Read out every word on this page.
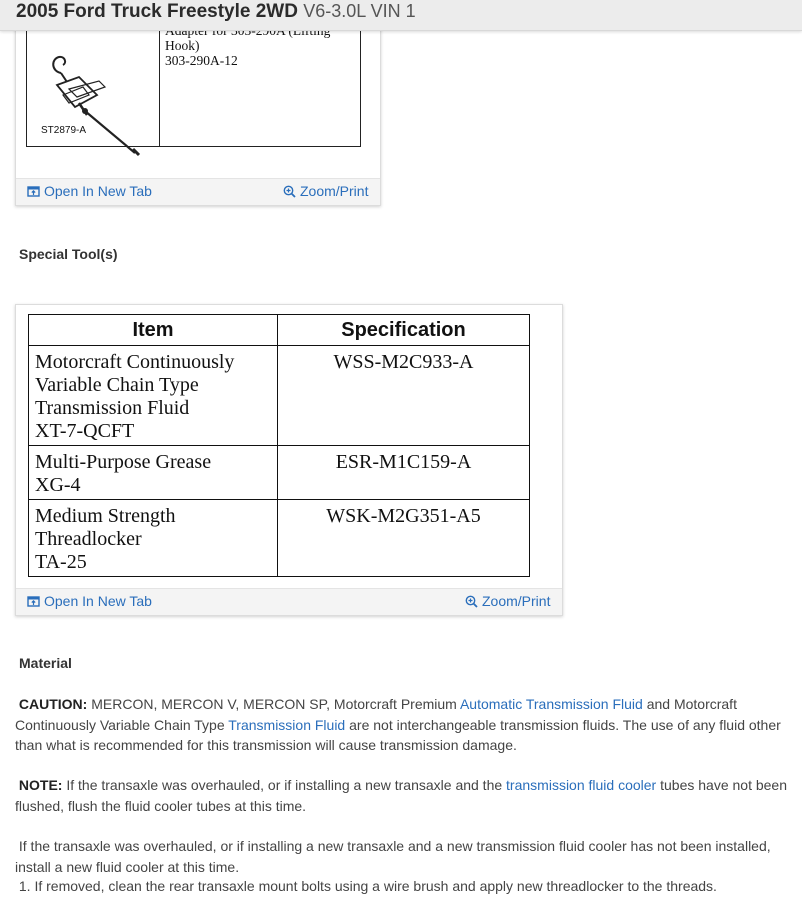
2005 Ford Truck Freestyle 2WD V6-3.0L VIN 1
ST2879-A
Hook)
303-290A-12
Open In New Tab	Zoom/Print
Special Tool(s)
Item	Specification

Motorcraft Continuously
Variable Chain Type
Transmission Fluid
XT-7-QCFT	WSS-M2C933-A

Multi-Purpose Grease
XG-4	ESR-M1C159-A

Medium Strength
Threadlocker
TA-25	WSK-M2G351-A5
Open In New Tab	Zoom/Print
Material
CAUTION: MERCON, MERCON V, MERCON SP, Motorcraft Premium Automatic Transmission Fluid and Motorcraft Continuously Variable Chain Type Transmission Fluid are not interchangeable transmission fluids. The use of any fluid other than what is recommended for this transmission will cause transmission damage.
NOTE: If the transaxle was overhauled, or if installing a new transaxle and the transmission fluid cooler tubes have not been flushed, flush the fluid cooler tubes at this time.
If the transaxle was overhauled, or if installing a new transaxle and a new transmission fluid cooler has not been installed, install a new fluid cooler at this time.
1. If removed, clean the rear transaxle mount bolts using a wire brush and apply new threadlocker to the threads.
